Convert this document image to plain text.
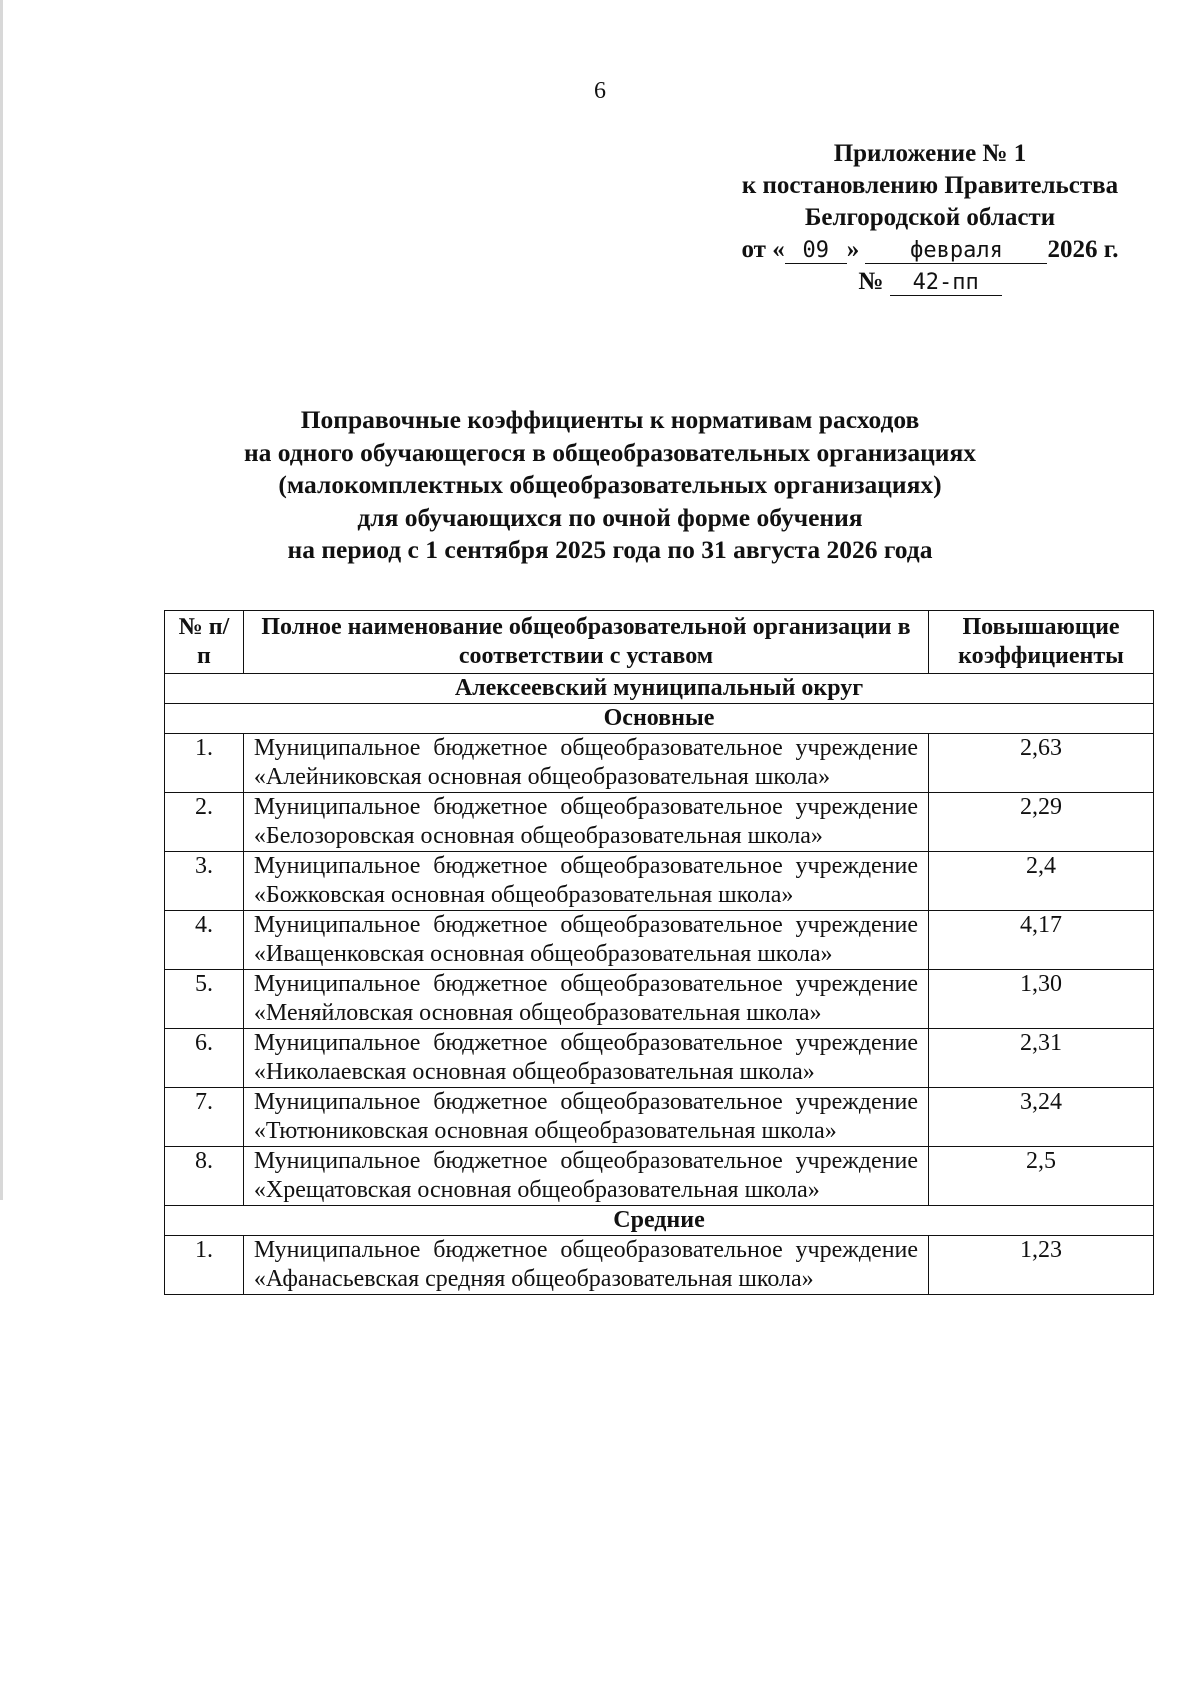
6
Приложение № 1
к постановлению Правительства
Белгородской области
от « 09 » февраля 2026 г.
№ 42-пп
Поправочные коэффициенты к нормативам расходов
на одного обучающегося в общеобразовательных организациях
(малокомплектных общеобразовательных организациях)
для обучающихся по очной форме обучения
на период с 1 сентября 2025 года по 31 августа 2026 года
№ п/п	Полное наименование общеобразовательной организации в соответствии с уставом	Повышающие коэффициенты
Алексеевский муниципальный округ		
Основные		
1.	Муниципальное бюджетное общеобразовательное учреждение «Алейниковская основная общеобразовательная школа»	2,63
2.	Муниципальное бюджетное общеобразовательное учреждение «Белозоровская основная общеобразовательная школа»	2,29
3.	Муниципальное бюджетное общеобразовательное учреждение «Божковская основная общеобразовательная школа»	2,4
4.	Муниципальное бюджетное общеобразовательное учреждение «Иващенковская основная общеобразовательная школа»	4,17
5.	Муниципальное бюджетное общеобразовательное учреждение «Меняйловская основная общеобразовательная школа»	1,30
6.	Муниципальное бюджетное общеобразовательное учреждение «Николаевская основная общеобразовательная школа»	2,31
7.	Муниципальное бюджетное общеобразовательное учреждение «Тютюниковская основная общеобразовательная школа»	3,24
8.	Муниципальное бюджетное общеобразовательное учреждение «Хрещатовская основная общеобразовательная школа»	2,5
Средние		
1.	Муниципальное бюджетное общеобразовательное учреждение «Афанасьевская средняя общеобразовательная школа»	1,23
